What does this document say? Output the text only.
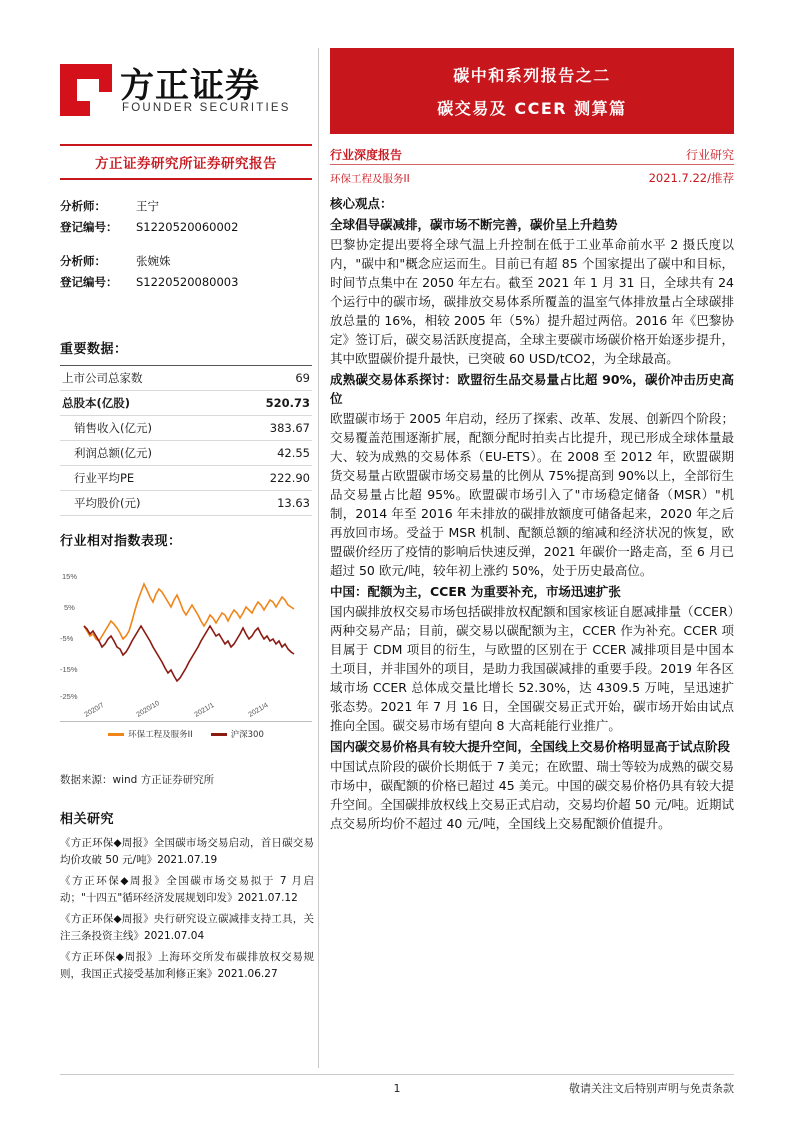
方正证券
FOUNDER SECURITIES
方正证券研究所证券研究报告
分析师：	王宁
登记编号：	S1220520060002
分析师：	张婉姝
登记编号：	S1220520080003
重要数据：
上市公司总家数	69
总股本(亿股)	520.73
销售收入(亿元)	383.67
利润总额(亿元)	42.55
行业平均PE	222.90
平均股价(元)	13.63
行业相对指数表现：
15%
5%
-5%
-15%
-25%
2020/7	2020/10	2021/1	2021/4
环保工程及服务II	沪深300
数据来源：wind 方正证券研究所
相关研究
《方正环保◆周报》全国碳市场交易启动，首日碳交易均价攻破 50 元/吨》2021.07.19
《方正环保◆周报》全国碳市场交易拟于 7 月启动；"十四五"循环经济发展规划印发》2021.07.12
《方正环保◆周报》央行研究设立碳减排支持工具，关注三条投资主线》2021.07.04
《方正环保◆周报》上海环交所发布碳排放权交易规则，我国正式接受基加利修正案》2021.06.27
碳中和系列报告之二
碳交易及 CCER 测算篇
行业深度报告	行业研究
环保工程及服务II	2021.7.22/推荐
核心观点：
全球倡导碳减排，碳市场不断完善，碳价呈上升趋势

巴黎协定提出要将全球气温上升控制在低于工业革命前水平 2 摄氏度以内，"碳中和"概念应运而生。目前已有超 85 个国家提出了碳中和目标，时间节点集中在 2050 年左右。截至 2021 年 1 月 31 日，全球共有 24 个运行中的碳市场，碳排放交易体系所覆盖的温室气体排放量占全球碳排放总量的 16%，相较 2005 年（5%）提升超过两倍。2016 年《巴黎协定》签订后，碳交易活跃度提高，全球主要碳市场碳价格开始逐步提升，其中欧盟碳价提升最快，已突破 60 USD/tCO2，为全球最高。

成熟碳交易体系探讨：欧盟衍生品交易量占比超 90%，碳价冲击历史高位

欧盟碳市场于 2005 年启动，经历了探索、改革、发展、创新四个阶段；交易覆盖范围逐渐扩展，配额分配时拍卖占比提升，现已形成全球体量最大、较为成熟的交易体系（EU-ETS）。在 2008 至 2012 年，欧盟碳期货交易量占欧盟碳市场交易量的比例从 75%提高到 90%以上，全部衍生品交易量占比超 95%。欧盟碳市场引入了"市场稳定储备（MSR）"机制，2014 年至 2016 年未排放的碳排放额度可储备起来，2020 年之后再放回市场。受益于 MSR 机制、配额总额的缩减和经济状况的恢复，欧盟碳价经历了疫情的影响后快速反弹，2021 年碳价一路走高，至 6 月已超过 50 欧元/吨，较年初上涨约 50%，处于历史最高位。

中国：配额为主，CCER 为重要补充，市场迅速扩张

国内碳排放权交易市场包括碳排放权配额和国家核证自愿减排量（CCER）两种交易产品；目前，碳交易以碳配额为主，CCER 作为补充。CCER 项目属于 CDM 项目的衍生，与欧盟的区别在于 CCER 减排项目是中国本土项目，并非国外的项目，是助力我国碳减排的重要手段。2019 年各区域市场 CCER 总体成交量比增长 52.30%，达 4309.5 万吨，呈迅速扩张态势。2021 年 7 月 16 日，全国碳交易正式开始，碳市场开始由试点推向全国。碳交易市场有望向 8 大高耗能行业推广。

国内碳交易价格具有较大提升空间，全国线上交易价格明显高于试点阶段

中国试点阶段的碳价长期低于 7 美元；在欧盟、瑞士等较为成熟的碳交易市场中，碳配额的价格已超过 45 美元。中国的碳交易价格仍具有较大提升空间。全国碳排放权线上交易正式启动，交易均价超 50 元/吨。近期试点交易所均价不超过 40 元/吨，全国线上交易配额价值提升。

1	敬请关注文后特别声明与免责条款
